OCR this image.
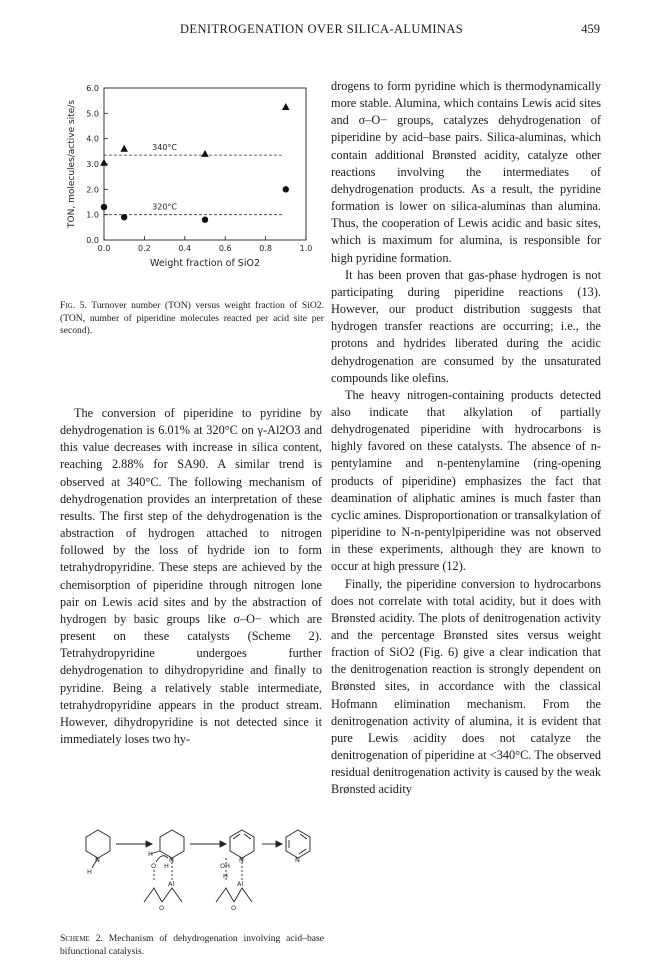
DENITROGENATION OVER SILICA-ALUMINAS	459
0.0	0.2	0.4	0.6	0.8	1.0
0.0
1.0
2.0
3.0
4.0
5.0
6.0
Weight fraction of SiO2
TON, molecules/active site/s	340°C
320°C
Fig. 5. Turnover number (TON) versus weight fraction of SiO2. (TON, number of piperidine molecules reacted per acid site per second).

The conversion of piperidine to pyridine by dehydrogenation is 6.01% at 320°C on γ-Al2O3 and this value decreases with increase in silica content, reaching 2.88% for SA90. A similar trend is observed at 340°C. The following mechanism of dehydrogenation provides an interpretation of these results. The first step of the dehydrogenation is the abstraction of hydrogen attached to nitrogen followed by the loss of hydride ion to form tetrahydropyridine. These steps are achieved by the chemisorption of piperidine through nitrogen lone pair on Lewis acid sites and by the abstraction of hydrogen by basic groups like σ–O− which are present on these catalysts (Scheme 2). Tetrahydropyridine undergoes further dehydrogenation to dihydropyridine and finally to pyridine. Being a relatively stable intermediate, tetrahydropyridine appears in the product stream. However, dihydropyridine is not detected since it immediately loses two hy-

N
H
H
N
O H
O
Al
N
OH
H
O
Al
N
Scheme 2. Mechanism of dehydrogenation involving acid–base bifunctional catalysis.

drogens to form pyridine which is thermodynamically more stable. Alumina, which contains Lewis acid sites and σ–O− groups, catalyzes dehydrogenation of piperidine by acid–base pairs. Silica-aluminas, which contain additional Brønsted acidity, catalyze other reactions involving the intermediates of dehydrogenation products. As a result, the pyridine formation is lower on silica-aluminas than alumina. Thus, the cooperation of Lewis acidic and basic sites, which is maximum for alumina, is responsible for high pyridine formation.

It has been proven that gas-phase hydrogen is not participating during piperidine reactions (13). However, our product distribution suggests that hydrogen transfer reactions are occurring; i.e., the protons and hydrides liberated during the acidic dehydrogenation are consumed by the unsaturated compounds like olefins.

The heavy nitrogen-containing products detected also indicate that alkylation of partially dehydrogenated piperidine with hydrocarbons is highly favored on these catalysts. The absence of n-pentylamine and n-pentenylamine (ring-opening products of piperidine) emphasizes the fact that deamination of aliphatic amines is much faster than cyclic amines. Disproportionation or transalkylation of piperidine to N-n-pentylpiperidine was not observed in these experiments, although they are known to occur at high pressure (12).

Finally, the piperidine conversion to hydrocarbons does not correlate with total acidity, but it does with Brønsted acidity. The plots of denitrogenation activity and the percentage Brønsted sites versus weight fraction of SiO2 (Fig. 6) give a clear indication that the denitrogenation reaction is strongly dependent on Brønsted sites, in accordance with the classical Hofmann elimination mechanism. From the denitrogenation activity of alumina, it is evident that pure Lewis acidity does not catalyze the denitrogenation of piperidine at <340°C. The observed residual denitrogenation activity is caused by the weak Brønsted acidity
